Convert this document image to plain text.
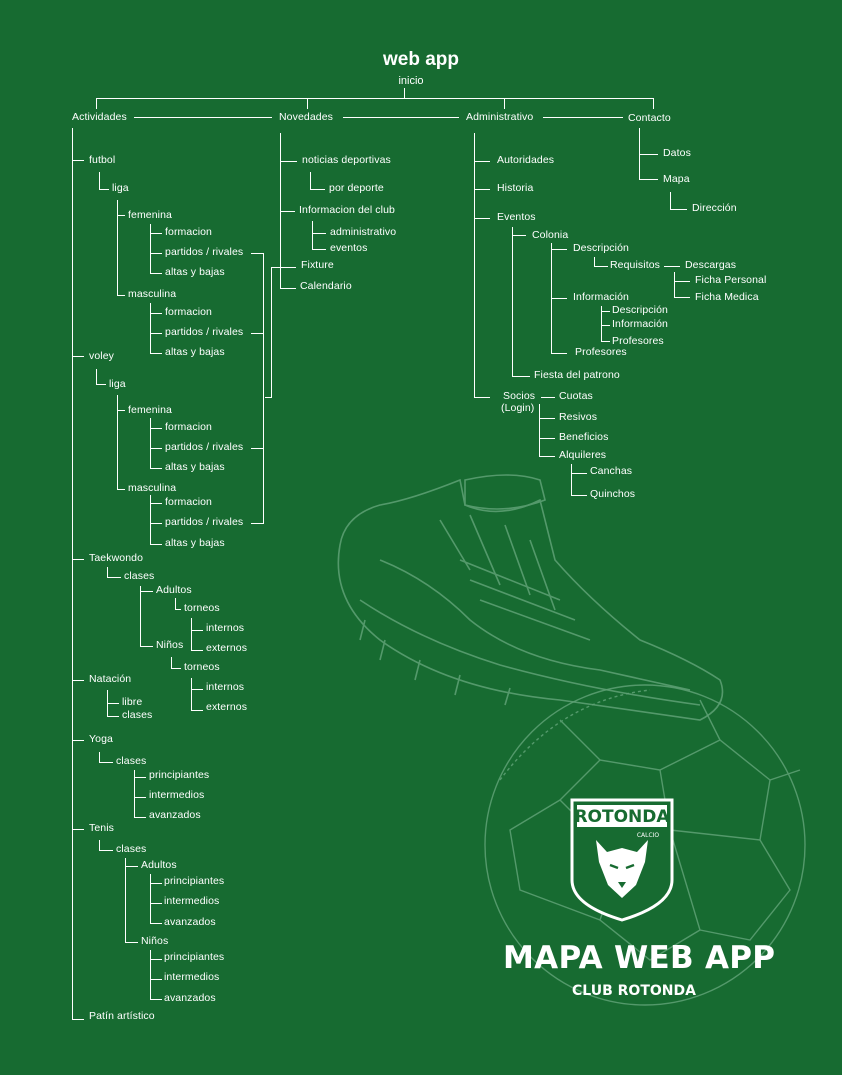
ROTONDA
CALCIO
web app
inicio
Actividades	Novedades	Administrativo	Contacto
futbol
liga
femenina
formacion
partidos / rivales
altas y bajas
masculina
formacion
partidos / rivales
altas y bajas
voley
liga
femenina
formacion
partidos / rivales
altas y bajas
masculina
formacion
partidos / rivales
altas y bajas
Taekwondo
clases
Adultos
torneos
internos
externos
Niños
torneos
internos
externos
Natación
libre
clases
Yoga
clases
principiantes
intermedios
avanzados
Tenis
clases
Adultos
principiantes
intermedios
avanzados
Niños
principiantes
intermedios
avanzados
Patín artístico
noticias deportivas
por deporte
Informacion del club
administrativo
eventos
Fixture
Calendario
Autoridades
Historia
Eventos
Colonia
Descripción
Requisitos Descargas
Ficha Personal
Ficha Medica
Información
Descripción
Información
Profesores
Profesores
Fiesta del patrono
Socios
(Login)
Cuotas
Resivos
Beneficios
Alquileres
Canchas
Quinchos
Datos
Mapa
Dirección
MAPA WEB APP
CLUB ROTONDA
